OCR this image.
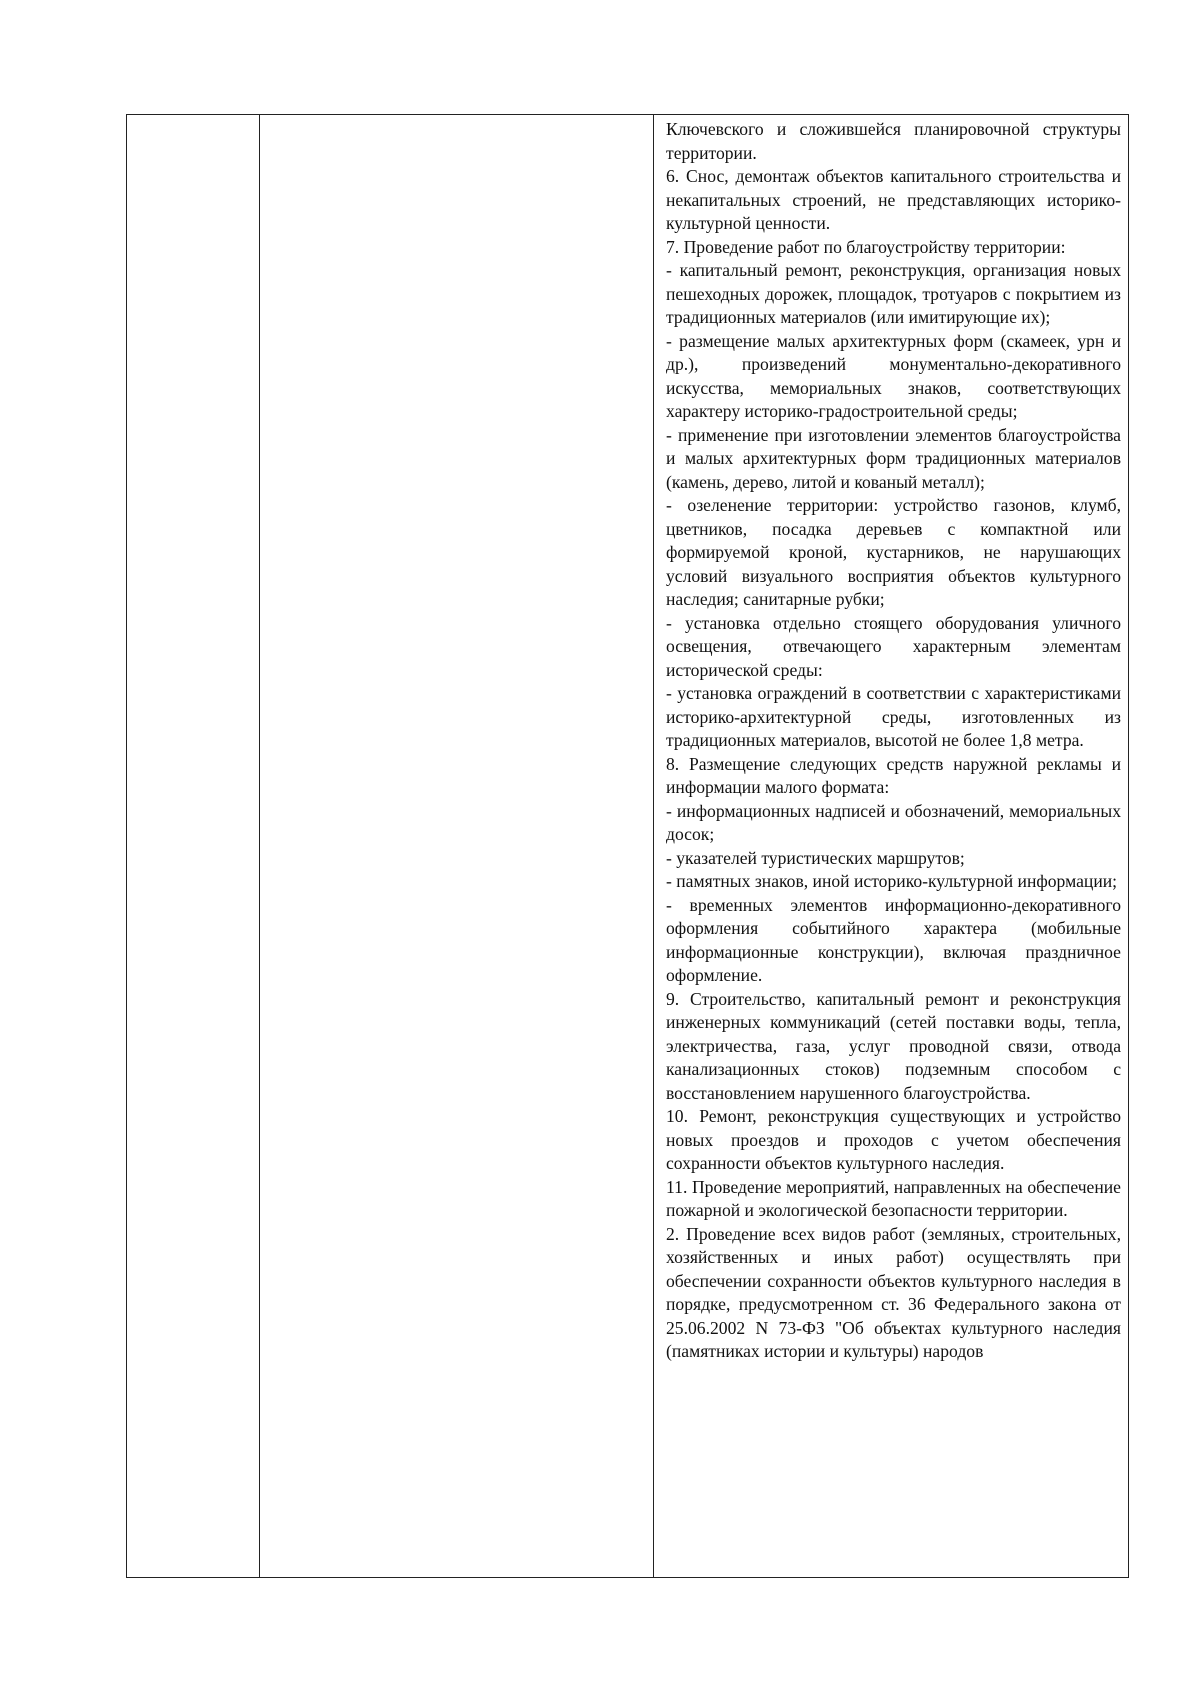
Ключевского и сложившейся планировочной структуры территории.

6. Снос, демонтаж объектов капитального строительства и некапитальных строений, не представляющих историко-культурной ценности.

7. Проведение работ по благоустройству территории:

- капитальный ремонт, реконструкция, организация новых пешеходных дорожек, площадок, тротуаров с покрытием из традиционных материалов (или имитирующие их);

- размещение малых архитектурных форм (скамеек, урн и др.), произведений монументально-декоративного искусства, мемориальных знаков, соответствующих характеру историко-градостроительной среды;

- применение при изготовлении элементов благоустройства и малых архитектурных форм традиционных материалов (камень, дерево, литой и кованый металл);

- озеленение территории: устройство газонов, клумб, цветников, посадка деревьев с компактной или формируемой кроной, кустарников, не нарушающих условий визуального восприятия объектов культурного наследия; санитарные рубки;

- установка отдельно стоящего оборудования уличного освещения, отвечающего характерным элементам исторической среды:

- установка ограждений в соответствии с характеристиками историко-архитектурной среды, изготовленных из традиционных материалов, высотой не более 1,8 метра.

8. Размещение следующих средств наружной рекламы и информации малого формата:

- информационных надписей и обозначений, мемориальных досок;

- указателей туристических маршрутов;

- памятных знаков, иной историко-культурной информации;

- временных элементов информационно-декоративного оформления событийного характера (мобильные информационные конструкции), включая праздничное оформление.

9. Строительство, капитальный ремонт и реконструкция инженерных коммуникаций (сетей поставки воды, тепла, электричества, газа, услуг проводной связи, отвода канализационных стоков) подземным способом с восстановлением нарушенного благоустройства.

10. Ремонт, реконструкция существующих и устройство новых проездов и проходов с учетом обеспечения сохранности объектов культурного наследия.

11. Проведение мероприятий, направленных на обеспечение пожарной и экологической безопасности территории.

2. Проведение всех видов работ (земляных, строительных, хозяйственных и иных работ) осуществлять при обеспечении сохранности объектов культурного наследия в порядке, предусмотренном ст. 36 Федерального закона от 25.06.2002 N 73-ФЗ "Об объектах культурного наследия (памятниках истории и культуры) народов
